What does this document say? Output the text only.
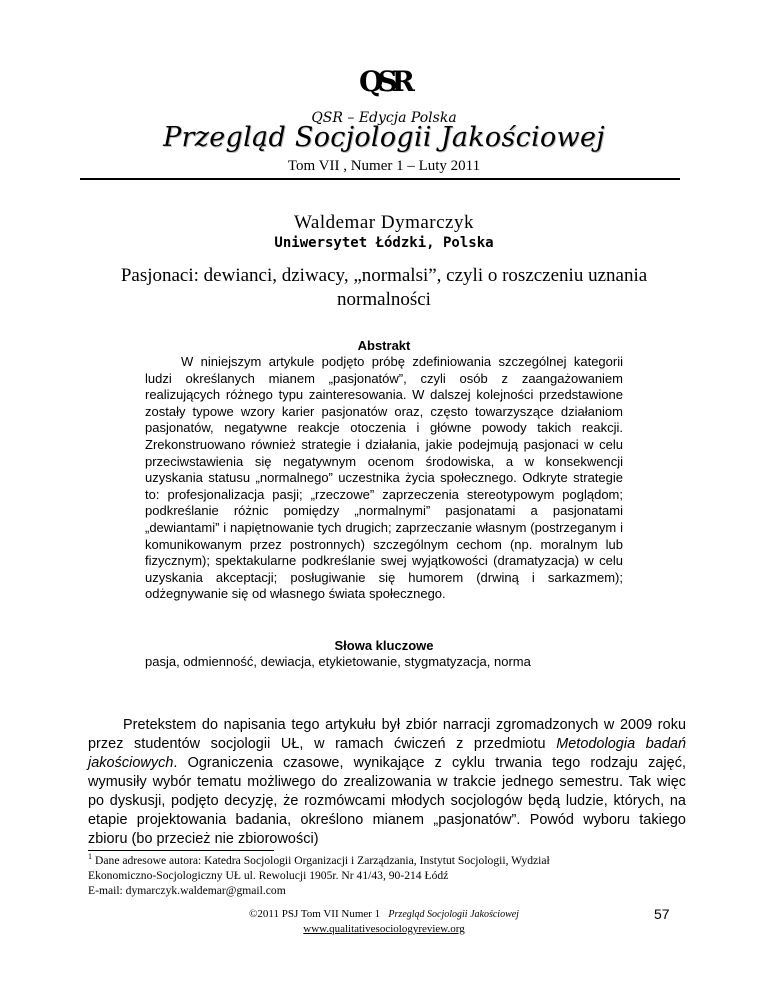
QSR
QSR – Edycja Polska
Przegląd Socjologii Jakościowej
Tom VII , Numer 1 – Luty 2011
Waldemar Dymarczyk
Uniwersytet Łódzki, Polska
Pasjonaci: dewianci, dziwacy, „normalsi”, czyli o roszczeniu uznania normalności
Abstrakt
W niniejszym artykule podjęto próbę zdefiniowania szczególnej kategorii ludzi określanych mianem „pasjonatów”, czyli osób z zaangażowaniem realizujących różnego typu zainteresowania. W dalszej kolejności przedstawione zostały typowe wzory karier pasjonatów oraz, często towarzyszące działaniom pasjonatów, negatywne reakcje otoczenia i główne powody takich reakcji. Zrekonstruowano również strategie i działania, jakie podejmują pasjonaci w celu przeciwstawienia się negatywnym ocenom środowiska, a w konsekwencji uzyskania statusu „normalnego” uczestnika życia społecznego. Odkryte strategie to: profesjonalizacja pasji; „rzeczowe” zaprzeczenia stereotypowym poglądom; podkreślanie różnic pomiędzy „normalnymi” pasjonatami a pasjonatami „dewiantami” i napiętnowanie tych drugich; zaprzeczanie własnym (postrzeganym i komunikowanym przez postronnych) szczególnym cechom (np. moralnym lub fizycznym); spektakularne podkreślanie swej wyjątkowości (dramatyzacja) w celu uzyskania akceptacji; posługiwanie się humorem (drwiną i sarkazmem); odżegnywanie się od własnego świata społecznego.
Słowa kluczowe
pasja, odmienność, dewiacja, etykietowanie, stygmatyzacja, norma
Pretekstem do napisania tego artykułu był zbiór narracji zgromadzonych w 2009 roku przez studentów socjologii UŁ, w ramach ćwiczeń z przedmiotu Metodologia badań jakościowych. Ograniczenia czasowe, wynikające z cyklu trwania tego rodzaju zajęć, wymusiły wybór tematu możliwego do zrealizowania w trakcie jednego semestru. Tak więc po dyskusji, podjęto decyzję, że rozmówcami młodych socjologów będą ludzie, których, na etapie projektowania badania, określono mianem „pasjonatów”. Powód wyboru takiego zbioru (bo przecież nie zbiorowości)
$^1$ Dane adresowe autora: Katedra Socjologii Organizacji i Zarządzania, Instytut Socjologii, Wydział
Ekonomiczno-Socjologiczny UŁ ul. Rewolucji 1905r. Nr 41/43, 90-214 Łódź
E-mail: dymarczyk.waldemar@gmail.com
©2011 PSJ Tom VII Numer 1 Przegląd Socjologii Jakościowej
www.qualitativesociologyreview.org
57
